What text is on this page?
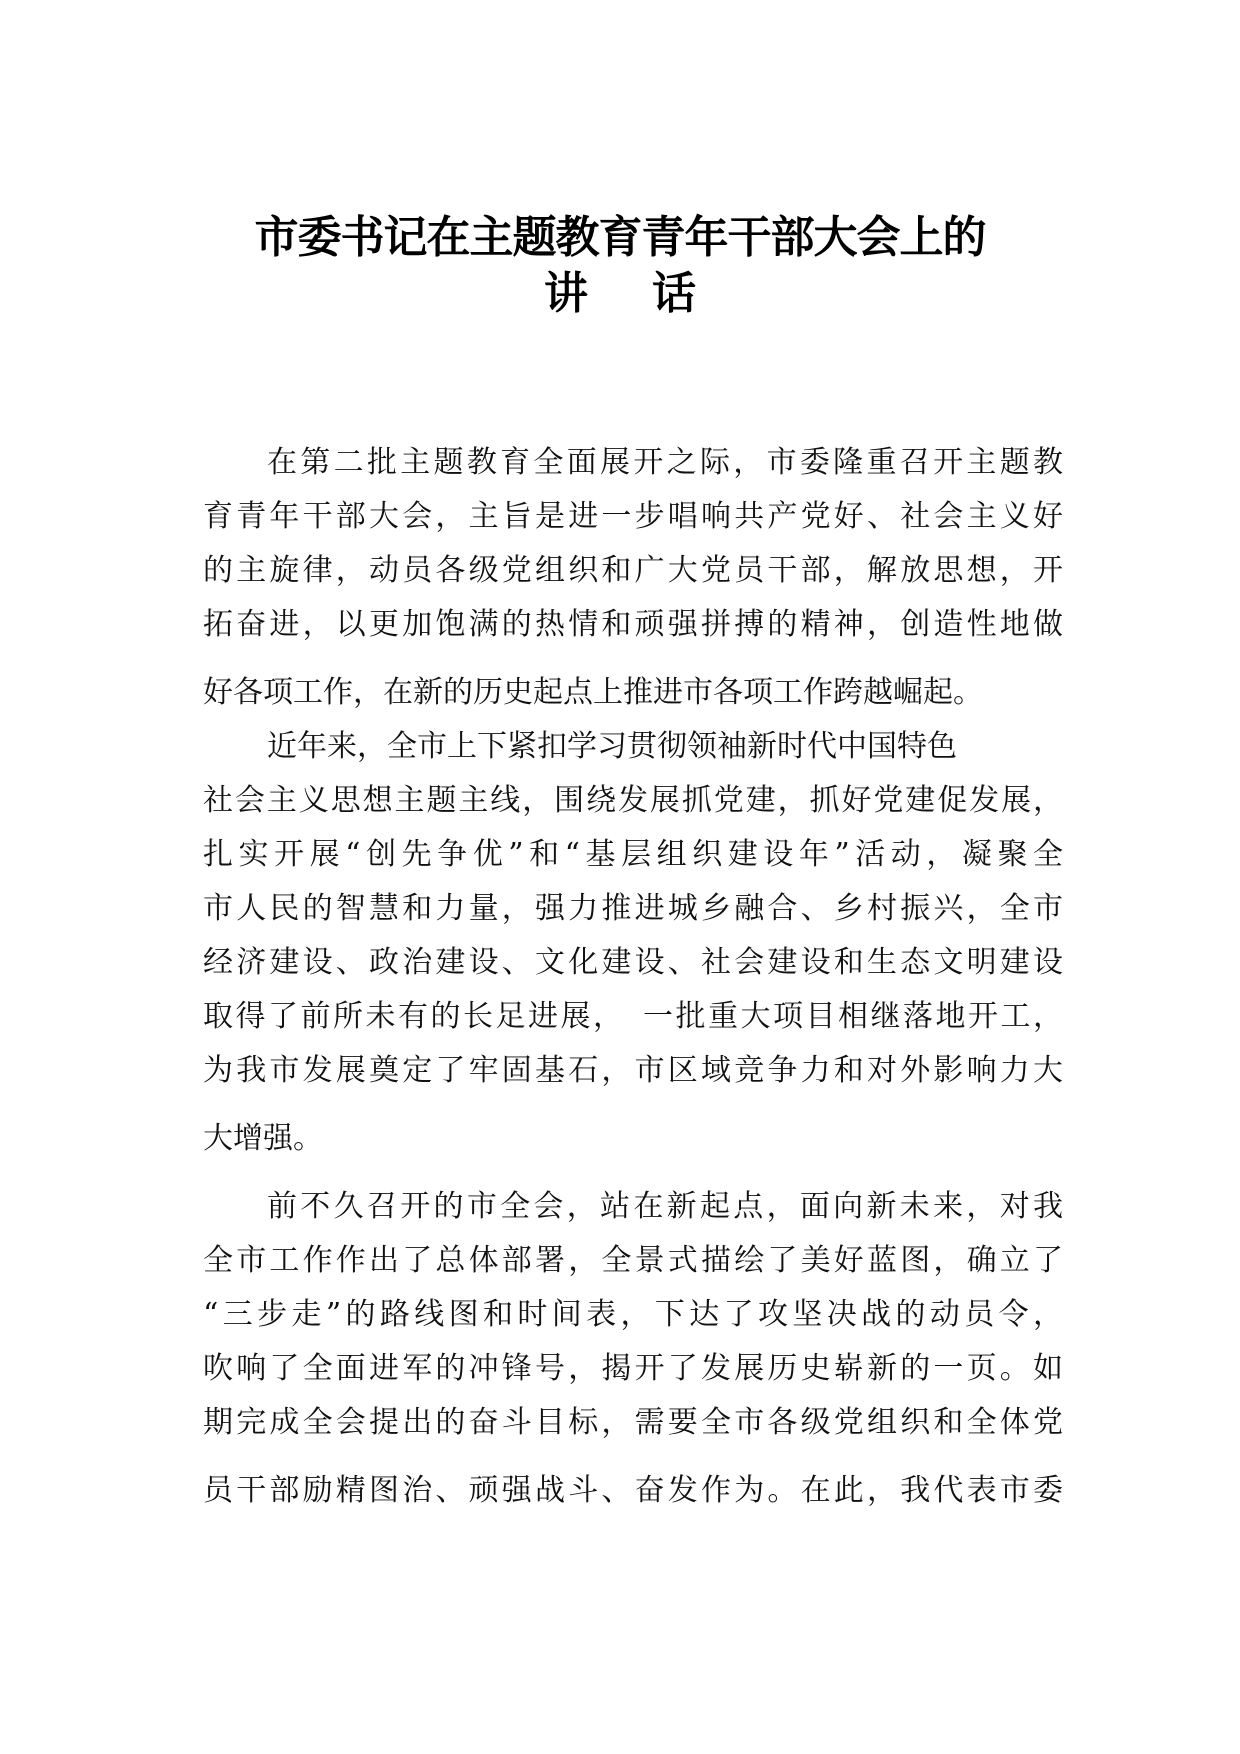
市委书记在主题教育青年干部大会上的
讲话
在第二批主题教育全面展开之际，市委隆重召开主题教
育青年干部大会，主旨是进一步唱响共产党好、社会主义好
的主旋律，动员各级党组织和广大党员干部，解放思想，开
拓奋进，以更加饱满的热情和顽强拼搏的精神，创造性地做
好各项工作，在新的历史起点上推进市各项工作跨越崛起。
近年来，全市上下紧扣学习贯彻领袖新时代中国特色
社会主义思想主题主线，围绕发展抓党建，抓好党建促发展，
扎实开展“创先争优”和“基层组织建设年”活动，凝聚全
市人民的智慧和力量，强力推进城乡融合、乡村振兴，全市
经济建设、政治建设、文化建设、社会建设和生态文明建设
取得了前所未有的长足进展，　一批重大项目相继落地开工，
为我市发展奠定了牢固基石，市区域竞争力和对外影响力大
大增强。
前不久召开的市全会，站在新起点，面向新未来，对我
全市工作作出了总体部署，全景式描绘了美好蓝图，确立了
“三步走”的路线图和时间表，下达了攻坚决战的动员令，
吹响了全面进军的冲锋号，揭开了发展历史崭新的一页。如
期完成全会提出的奋斗目标，需要全市各级党组织和全体党
员干部励精图治、顽强战斗、奋发作为。在此，我代表市委
